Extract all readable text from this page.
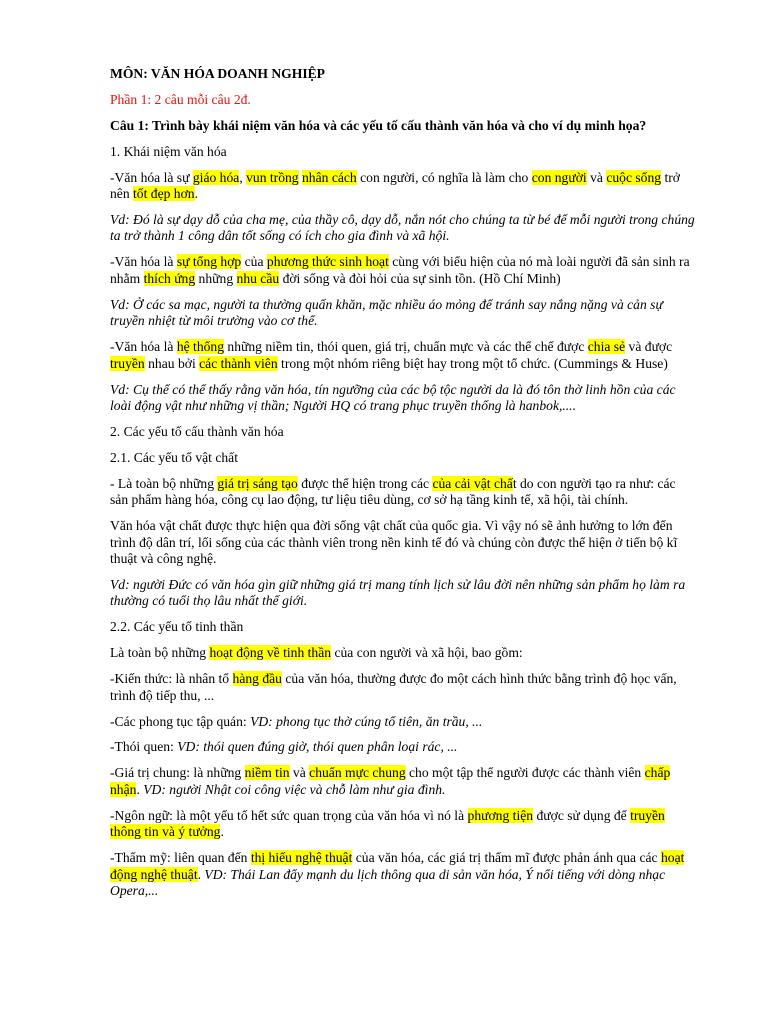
MÔN: VĂN HÓA DOANH NGHIỆP

Phần 1: 2 câu mỗi câu 2đ.

Câu 1: Trình bày khái niệm văn hóa và các yếu tố cấu thành văn hóa và cho ví dụ minh họa?

1. Khái niệm văn hóa

-Văn hóa là sự giáo hóa, vun trồng nhân cách con người, có nghĩa là làm cho con người và cuộc sống trở nên tốt đẹp hơn.

Vd: Đó là sự dạy dỗ của cha mẹ, của thầy cô, dạy dỗ, nắn nót cho chúng ta từ bé để mỗi người trong chúng ta trở thành 1 công dân tốt sống có ích cho gia đình và xã hội.

-Văn hóa là sự tổng hợp của phương thức sinh hoạt cùng với biểu hiện của nó mà loài người đã sản sinh ra nhằm thích ứng những nhu cầu đời sống và đòi hỏi của sự sinh tồn. (Hồ Chí Minh)

Vd: Ở các sa mạc, người ta thường quấn khăn, mặc nhiều áo mỏng để tránh say nắng nặng và cản sự truyền nhiệt từ môi trường vào cơ thể.

-Văn hóa là hệ thống những niềm tin, thói quen, giá trị, chuẩn mực và các thể chế được chia sẻ và được truyền nhau bởi các thành viên trong một nhóm riêng biệt hay trong một tổ chức. (Cummings & Huse)

Vd: Cụ thể có thể thấy rằng văn hóa, tín ngưỡng của các bộ tộc người da là đó tôn thờ linh hồn của các loài động vật như những vị thần; Người HQ có trang phục truyền thống là hanbok,....

2. Các yếu tố cấu thành văn hóa

2.1. Các yếu tố vật chất

- Là toàn bộ những giá trị sáng tạo được thể hiện trong các của cải vật chất do con người tạo ra như: các sản phẩm hàng hóa, công cụ lao động, tư liệu tiêu dùng, cơ sở hạ tầng kinh tế, xã hội, tài chính.

Văn hóa vật chất được thực hiện qua đời sống vật chất của quốc gia. Vì vậy nó sẽ ảnh hưởng to lớn đến trình độ dân trí, lối sống của các thành viên trong nền kinh tế đó và chúng còn được thể hiện ở tiến bộ kĩ thuật và công nghệ.

Vd: người Đức có văn hóa gìn giữ những giá trị mang tính lịch sử lâu đời nên những sản phẩm họ làm ra thường có tuổi thọ lâu nhất thế giới.

2.2. Các yếu tố tinh thần

Là toàn bộ những hoạt động về tinh thần của con người và xã hội, bao gồm:

-Kiến thức: là nhân tố hàng đầu của văn hóa, thường được đo một cách hình thức bằng trình độ học vấn, trình độ tiếp thu, ...

-Các phong tục tập quán: VD: phong tục thờ cúng tổ tiên, ăn trầu, ...

-Thói quen: VD: thói quen đúng giờ, thói quen phân loại rác, ...

-Giá trị chung: là những niềm tin và chuẩn mực chung cho một tập thể người được các thành viên chấp nhận. VD: người Nhật coi công việc và chỗ làm như gia đình.

-Ngôn ngữ: là một yếu tố hết sức quan trọng của văn hóa vì nó là phương tiện được sử dụng để truyền thông tin và ý tưởng.

-Thẩm mỹ: liên quan đến thị hiếu nghệ thuật của văn hóa, các giá trị thẩm mĩ được phản ánh qua các hoạt động nghệ thuật. VD: Thái Lan đẩy mạnh du lịch thông qua di sản văn hóa, Ý nổi tiếng với dòng nhạc Opera,...
